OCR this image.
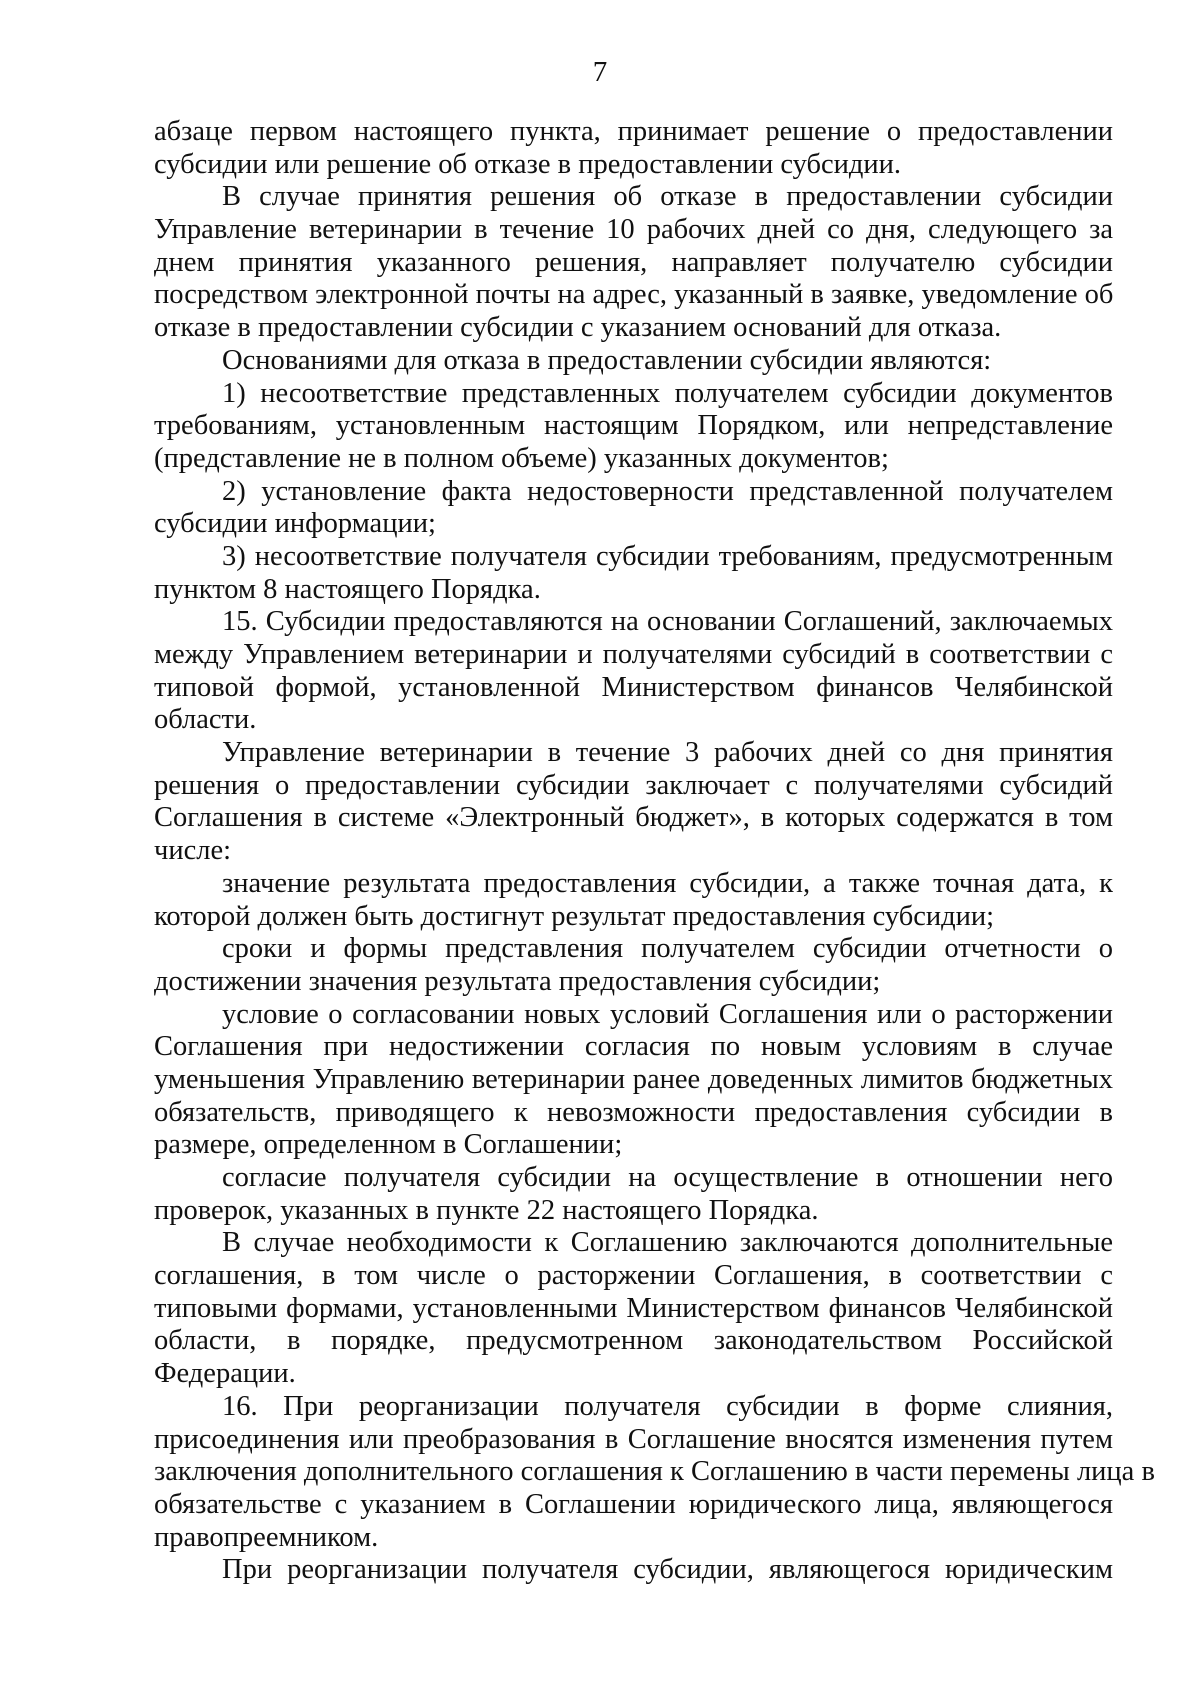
7
абзаце первом настоящего пункта, принимает решение о предоставлении
субсидии или решение об отказе в предоставлении субсидии.
В случае принятия решения об отказе в предоставлении субсидии
Управление ветеринарии в течение 10 рабочих дней со дня, следующего за
днем принятия указанного решения, направляет получателю субсидии
посредством электронной почты на адрес, указанный в заявке, уведомление об
отказе в предоставлении субсидии с указанием оснований для отказа.
Основаниями для отказа в предоставлении субсидии являются:
1) несоответствие представленных получателем субсидии документов
требованиям, установленным настоящим Порядком, или непредставление
(представление не в полном объеме) указанных документов;
2) установление факта недостоверности представленной получателем
субсидии информации;
3) несоответствие получателя субсидии требованиям, предусмотренным
пунктом 8 настоящего Порядка.
15. Субсидии предоставляются на основании Соглашений, заключаемых
между Управлением ветеринарии и получателями субсидий в соответствии с
типовой формой, установленной Министерством финансов Челябинской
области.
Управление ветеринарии в течение 3 рабочих дней со дня принятия
решения о предоставлении субсидии заключает с получателями субсидий
Соглашения в системе «Электронный бюджет», в которых содержатся в том
числе:
значение результата предоставления субсидии, а также точная дата, к
которой должен быть достигнут результат предоставления субсидии;
сроки и формы представления получателем субсидии отчетности о
достижении значения результата предоставления субсидии;
условие о согласовании новых условий Соглашения или о расторжении
Соглашения при недостижении согласия по новым условиям в случае
уменьшения Управлению ветеринарии ранее доведенных лимитов бюджетных
обязательств, приводящего к невозможности предоставления субсидии в
размере, определенном в Соглашении;
согласие получателя субсидии на осуществление в отношении него
проверок, указанных в пункте 22 настоящего Порядка.
В случае необходимости к Соглашению заключаются дополнительные
соглашения, в том числе о расторжении Соглашения, в соответствии с
типовыми формами, установленными Министерством финансов Челябинской
области, в порядке, предусмотренном законодательством Российской
Федерации.
16. При реорганизации получателя субсидии в форме слияния,
присоединения или преобразования в Соглашение вносятся изменения путем
заключения дополнительного соглашения к Соглашению в части перемены лица в
обязательстве с указанием в Соглашении юридического лица, являющегося
правопреемником.
При реорганизации получателя субсидии, являющегося юридическим
